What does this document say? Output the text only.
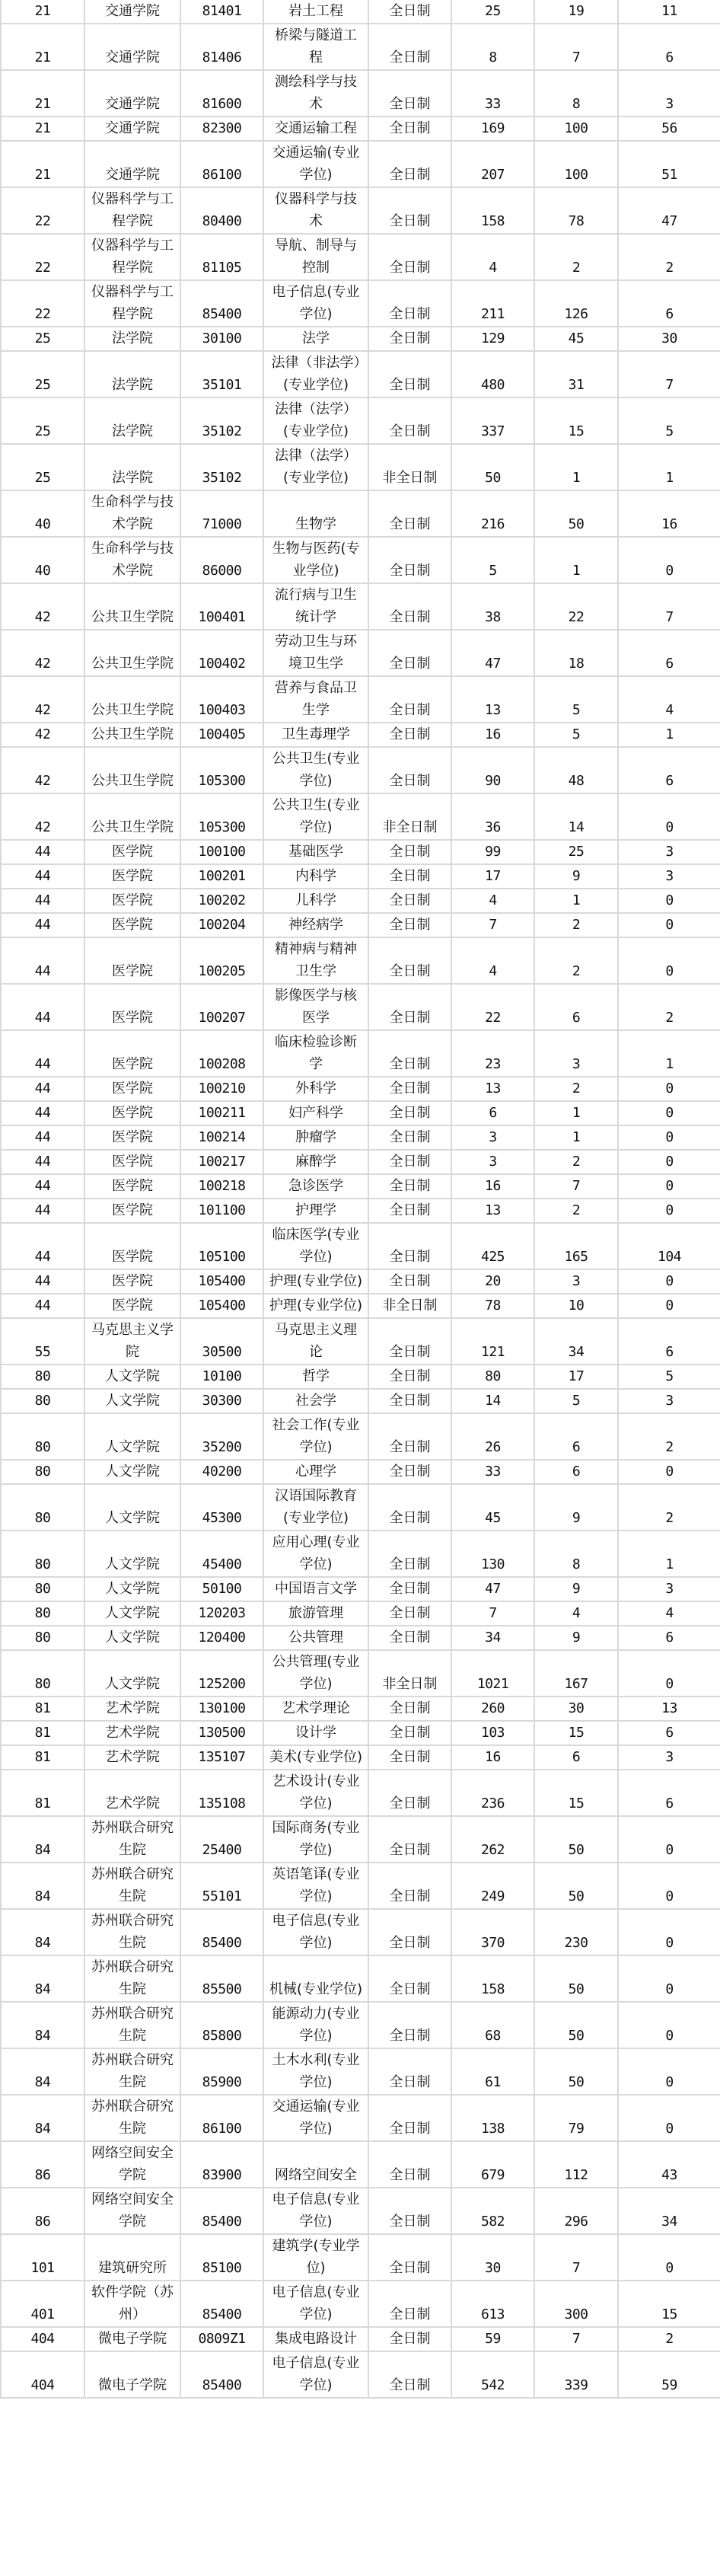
21	交通学院	81401	岩土工程	全日制	25	19	11
21	交通学院	81406	桥梁与隧道工程	全日制	8	7	6
21	交通学院	81600	测绘科学与技术	全日制	33	8	3
21	交通学院	82300	交通运输工程	全日制	169	100	56
21	交通学院	86100	交通运输(专业学位)	全日制	207	100	51
22	仪器科学与工程学院	80400	仪器科学与技术	全日制	158	78	47
22	仪器科学与工程学院	81105	导航、制导与控制	全日制	4	2	2
22	仪器科学与工程学院	85400	电子信息(专业学位)	全日制	211	126	6
25	法学院	30100	法学	全日制	129	45	30
25	法学院	35101	法律（非法学）(专业学位)	全日制	480	31	7
25	法学院	35102	法律（法学）(专业学位)	全日制	337	15	5
25	法学院	35102	法律（法学）(专业学位)	非全日制	50	1	1
40	生命科学与技术学院	71000	生物学	全日制	216	50	16
40	生命科学与技术学院	86000	生物与医药(专业学位)	全日制	5	1	0
42	公共卫生学院	100401	流行病与卫生统计学	全日制	38	22	7
42	公共卫生学院	100402	劳动卫生与环境卫生学	全日制	47	18	6
42	公共卫生学院	100403	营养与食品卫生学	全日制	13	5	4
42	公共卫生学院	100405	卫生毒理学	全日制	16	5	1
42	公共卫生学院	105300	公共卫生(专业学位)	全日制	90	48	6
42	公共卫生学院	105300	公共卫生(专业学位)	非全日制	36	14	0
44	医学院	100100	基础医学	全日制	99	25	3
44	医学院	100201	内科学	全日制	17	9	3
44	医学院	100202	儿科学	全日制	4	1	0
44	医学院	100204	神经病学	全日制	7	2	0
44	医学院	100205	精神病与精神卫生学	全日制	4	2	0
44	医学院	100207	影像医学与核医学	全日制	22	6	2
44	医学院	100208	临床检验诊断学	全日制	23	3	1
44	医学院	100210	外科学	全日制	13	2	0
44	医学院	100211	妇产科学	全日制	6	1	0
44	医学院	100214	肿瘤学	全日制	3	1	0
44	医学院	100217	麻醉学	全日制	3	2	0
44	医学院	100218	急诊医学	全日制	16	7	0
44	医学院	101100	护理学	全日制	13	2	0
44	医学院	105100	临床医学(专业学位)	全日制	425	165	104
44	医学院	105400	护理(专业学位)	全日制	20	3	0
44	医学院	105400	护理(专业学位)	非全日制	78	10	0
55	马克思主义学院	30500	马克思主义理论	全日制	121	34	6
80	人文学院	10100	哲学	全日制	80	17	5
80	人文学院	30300	社会学	全日制	14	5	3
80	人文学院	35200	社会工作(专业学位)	全日制	26	6	2
80	人文学院	40200	心理学	全日制	33	6	0
80	人文学院	45300	汉语国际教育(专业学位)	全日制	45	9	2
80	人文学院	45400	应用心理(专业学位)	全日制	130	8	1
80	人文学院	50100	中国语言文学	全日制	47	9	3
80	人文学院	120203	旅游管理	全日制	7	4	4
80	人文学院	120400	公共管理	全日制	34	9	6
80	人文学院	125200	公共管理(专业学位)	非全日制	1021	167	0
81	艺术学院	130100	艺术学理论	全日制	260	30	13
81	艺术学院	130500	设计学	全日制	103	15	6
81	艺术学院	135107	美术(专业学位)	全日制	16	6	3
81	艺术学院	135108	艺术设计(专业学位)	全日制	236	15	6
84	苏州联合研究生院	25400	国际商务(专业学位)	全日制	262	50	0
84	苏州联合研究生院	55101	英语笔译(专业学位)	全日制	249	50	0
84	苏州联合研究生院	85400	电子信息(专业学位)	全日制	370	230	0
84	苏州联合研究生院	85500	机械(专业学位)	全日制	158	50	0
84	苏州联合研究生院	85800	能源动力(专业学位)	全日制	68	50	0
84	苏州联合研究生院	85900	土木水利(专业学位)	全日制	61	50	0
84	苏州联合研究生院	86100	交通运输(专业学位)	全日制	138	79	0
86	网络空间安全学院	83900	网络空间安全	全日制	679	112	43
86	网络空间安全学院	85400	电子信息(专业学位)	全日制	582	296	34
101	建筑研究所	85100	建筑学(专业学位)	全日制	30	7	0
401	软件学院（苏州）	85400	电子信息(专业学位)	全日制	613	300	15
404	微电子学院	0809Z1	集成电路设计	全日制	59	7	2
404	微电子学院	85400	电子信息(专业学位)	全日制	542	339	59
